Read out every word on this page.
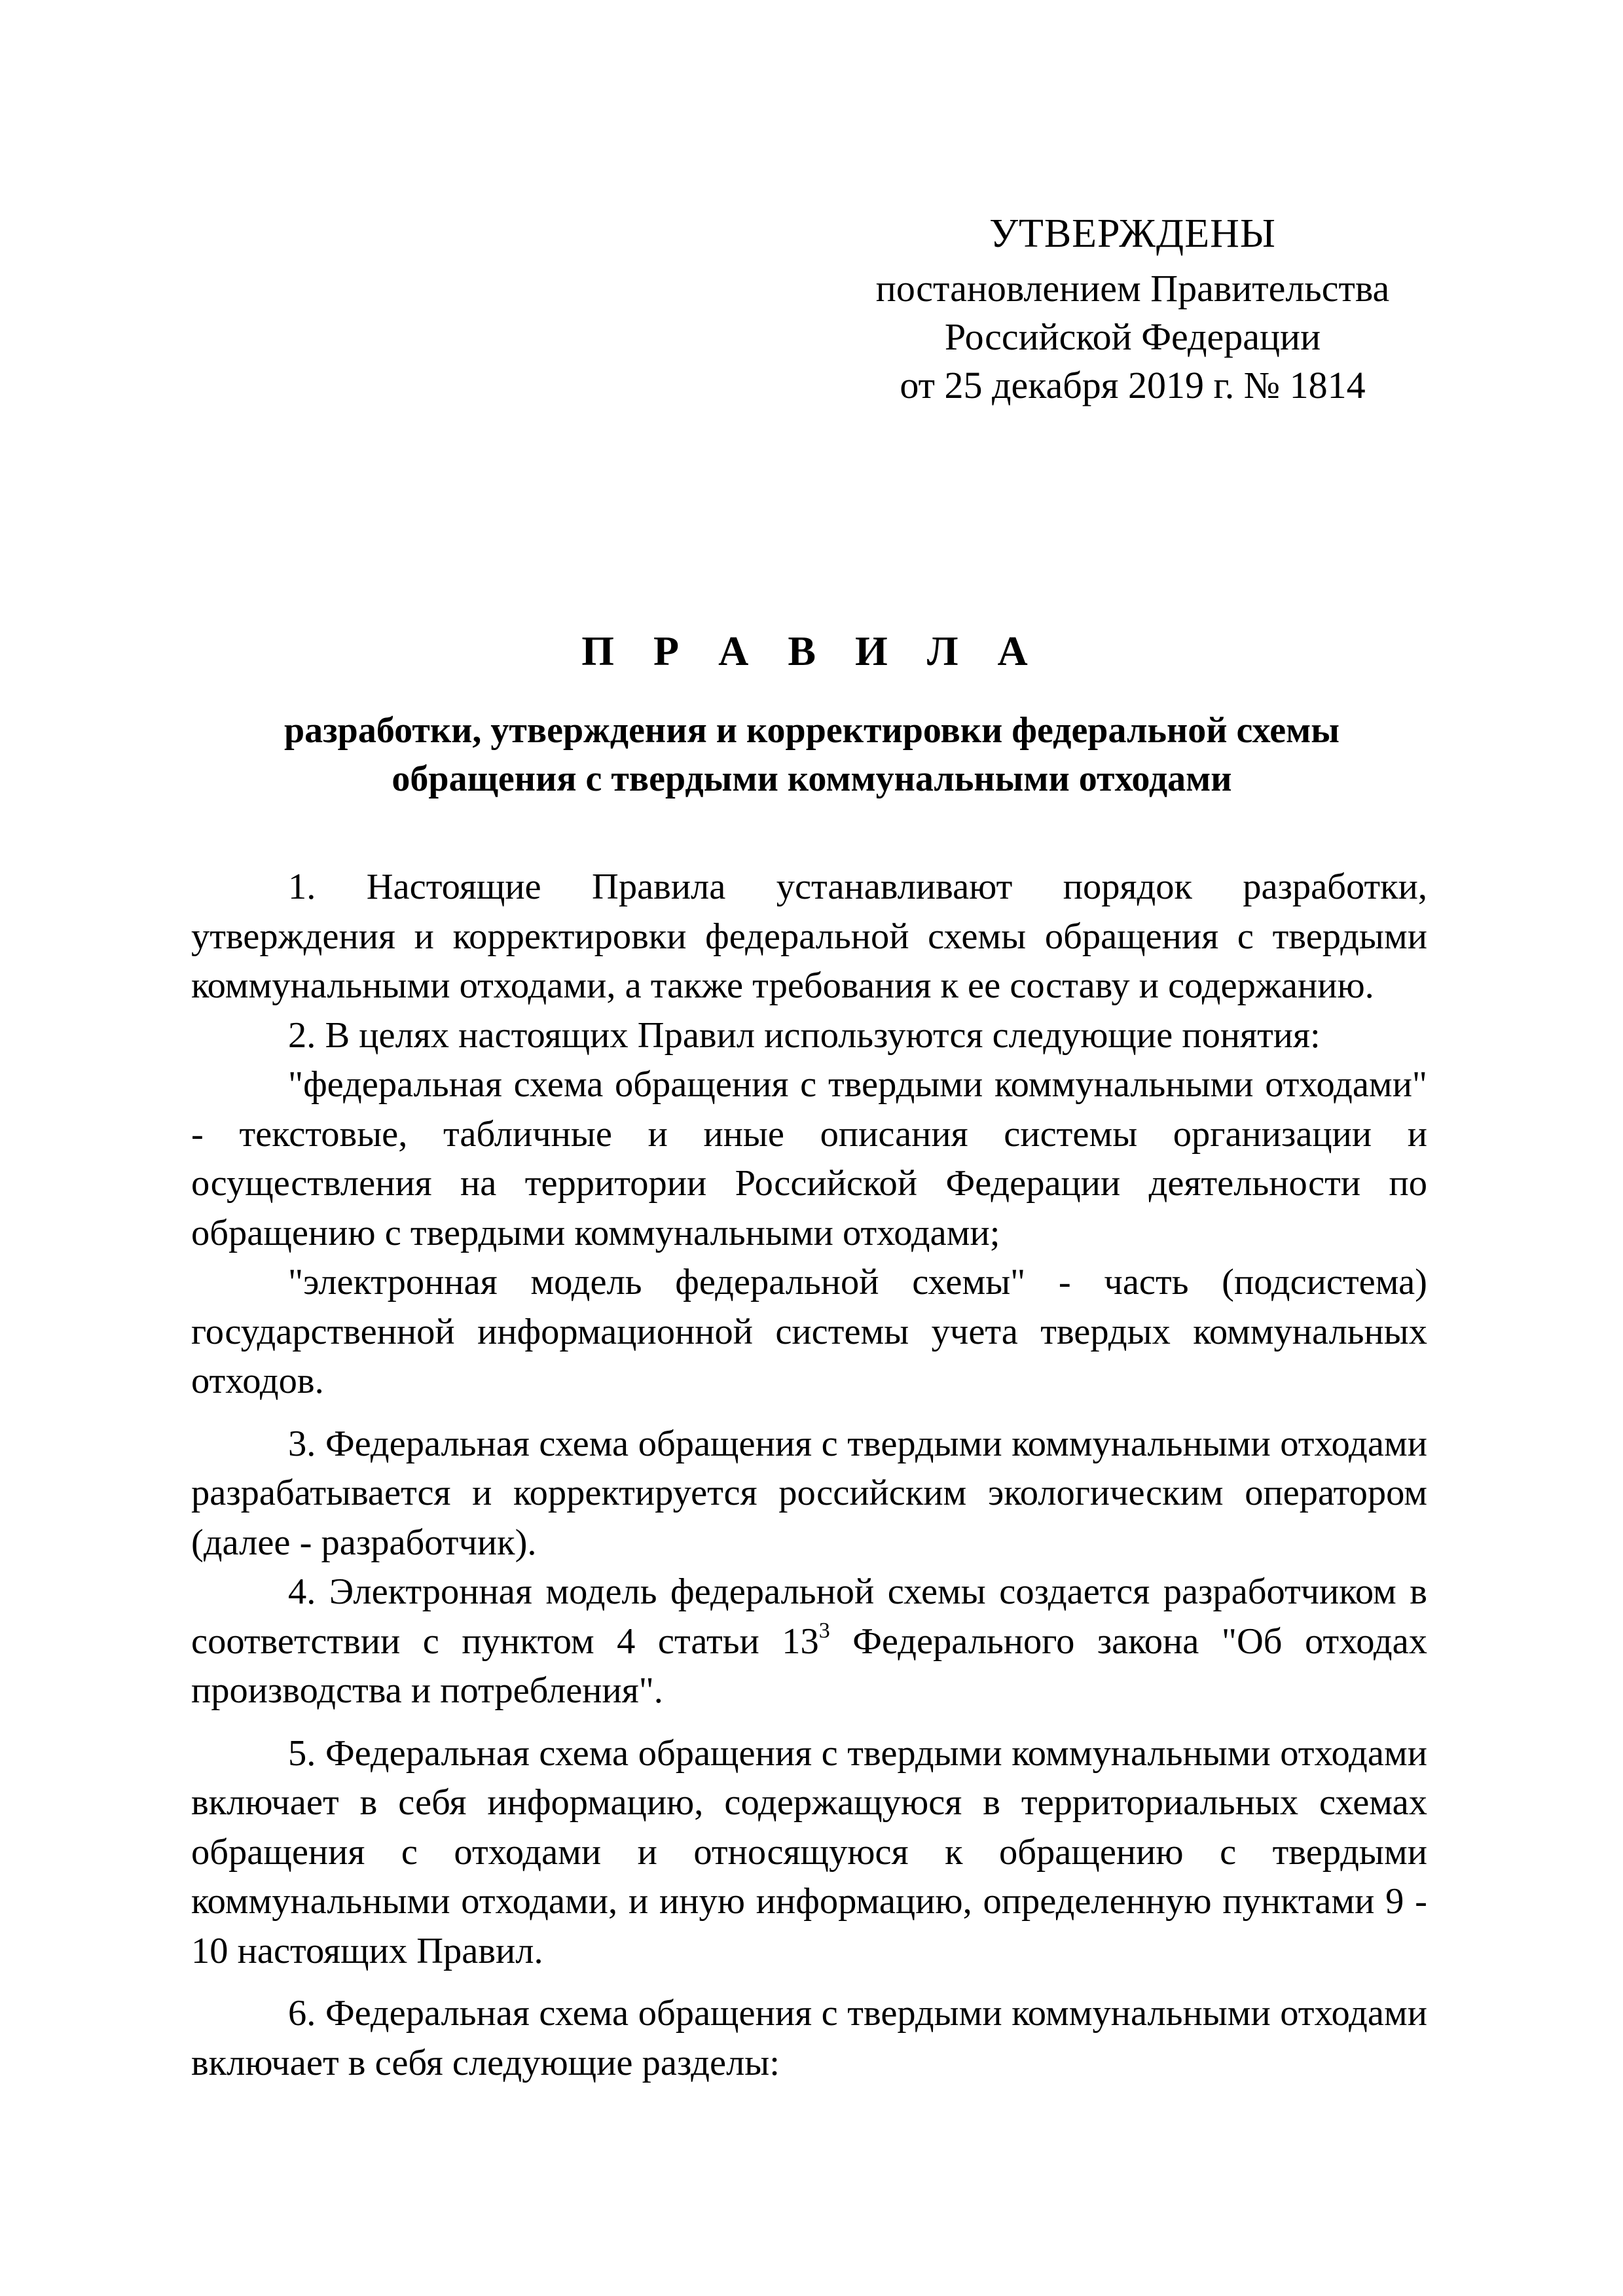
УТВЕРЖДЕНЫ
постановлением Правительства
Российской Федерации
от 25 декабря 2019 г. № 1814
П Р А В И Л А
разработки, утверждения и корректировки федеральной схемы
обращения с твердыми коммунальными отходами

1. Настоящие Правила устанавливают порядок разработки, утверждения и корректировки федеральной схемы обращения с твердыми коммунальными отходами, а также требования к ее составу и содержанию.

2. В целях настоящих Правил используются следующие понятия:

"федеральная схема обращения с твердыми коммунальными отходами" - текстовые, табличные и иные описания системы организации и осуществления на территории Российской Федерации деятельности по обращению с твердыми коммунальными отходами;

"электронная модель федеральной схемы" - часть (подсистема) государственной информационной системы учета твердых коммунальных отходов.

3. Федеральная схема обращения с твердыми коммунальными отходами разрабатывается и корректируется российским экологическим оператором (далее - разработчик).

4. Электронная модель федеральной схемы создается разработчиком в соответствии с пунктом 4 статьи $13^3$ Федерального закона "Об отходах производства и потребления".

5. Федеральная схема обращения с твердыми коммунальными отходами включает в себя информацию, содержащуюся в территориальных схемах обращения с отходами и относящуюся к обращению с твердыми коммунальными отходами, и иную информацию, определенную пунктами 9 - 10 настоящих Правил.

6. Федеральная схема обращения с твердыми коммунальными отходами включает в себя следующие разделы:
